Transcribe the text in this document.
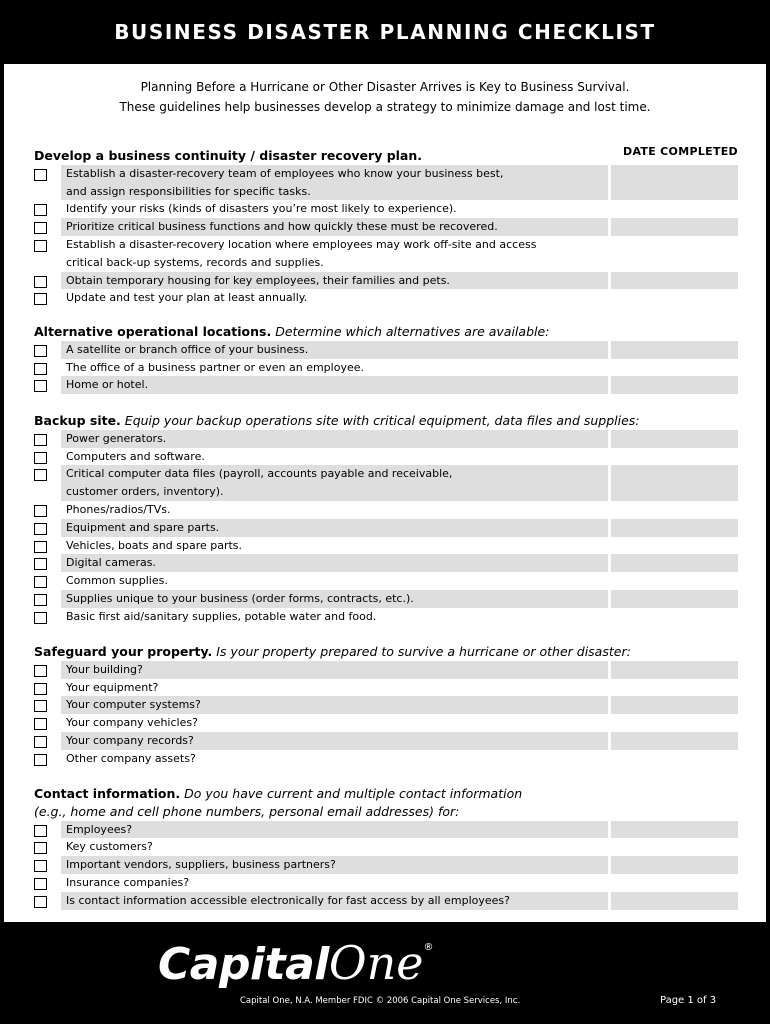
BUSINESS DISASTER PLANNING CHECKLIST
Planning Before a Hurricane or Other Disaster Arrives is Key to Business Survival.
These guidelines help businesses develop a strategy to minimize damage and lost time.
DATE COMPLETED
Develop a business continuity / disaster recovery plan.
Establish a disaster-recovery team of employees who know your business best,
and assign responsibilities for specific tasks.
Identify your risks (kinds of disasters you’re most likely to experience).
Prioritize critical business functions and how quickly these must be recovered.
Establish a disaster-recovery location where employees may work off-site and access
critical back-up systems, records and supplies.
Obtain temporary housing for key employees, their families and pets.
Update and test your plan at least annually.
Alternative operational locations. Determine which alternatives are available:
A satellite or branch office of your business.
The office of a business partner or even an employee.
Home or hotel.
Backup site. Equip your backup operations site with critical equipment, data files and supplies:
Power generators.
Computers and software.
Critical computer data files (payroll, accounts payable and receivable,
customer orders, inventory).
Phones/radios/TVs.
Equipment and spare parts.
Vehicles, boats and spare parts.
Digital cameras.
Common supplies.
Supplies unique to your business (order forms, contracts, etc.).
Basic first aid/sanitary supplies, potable water and food.
Safeguard your property. Is your property prepared to survive a hurricane or other disaster:
Your building?
Your equipment?
Your computer systems?
Your company vehicles?
Your company records?
Other company assets?
Contact information. Do you have current and multiple contact information
(e.g., home and cell phone numbers, personal email addresses) for:
Employees?
Key customers?
Important vendors, suppliers, business partners?
Insurance companies?
Is contact information accessible electronically for fast access by all employees?
CapitalOne®
Capital One, N.A. Member FDIC © 2006 Capital One Services, Inc.	Page 1 of 3
